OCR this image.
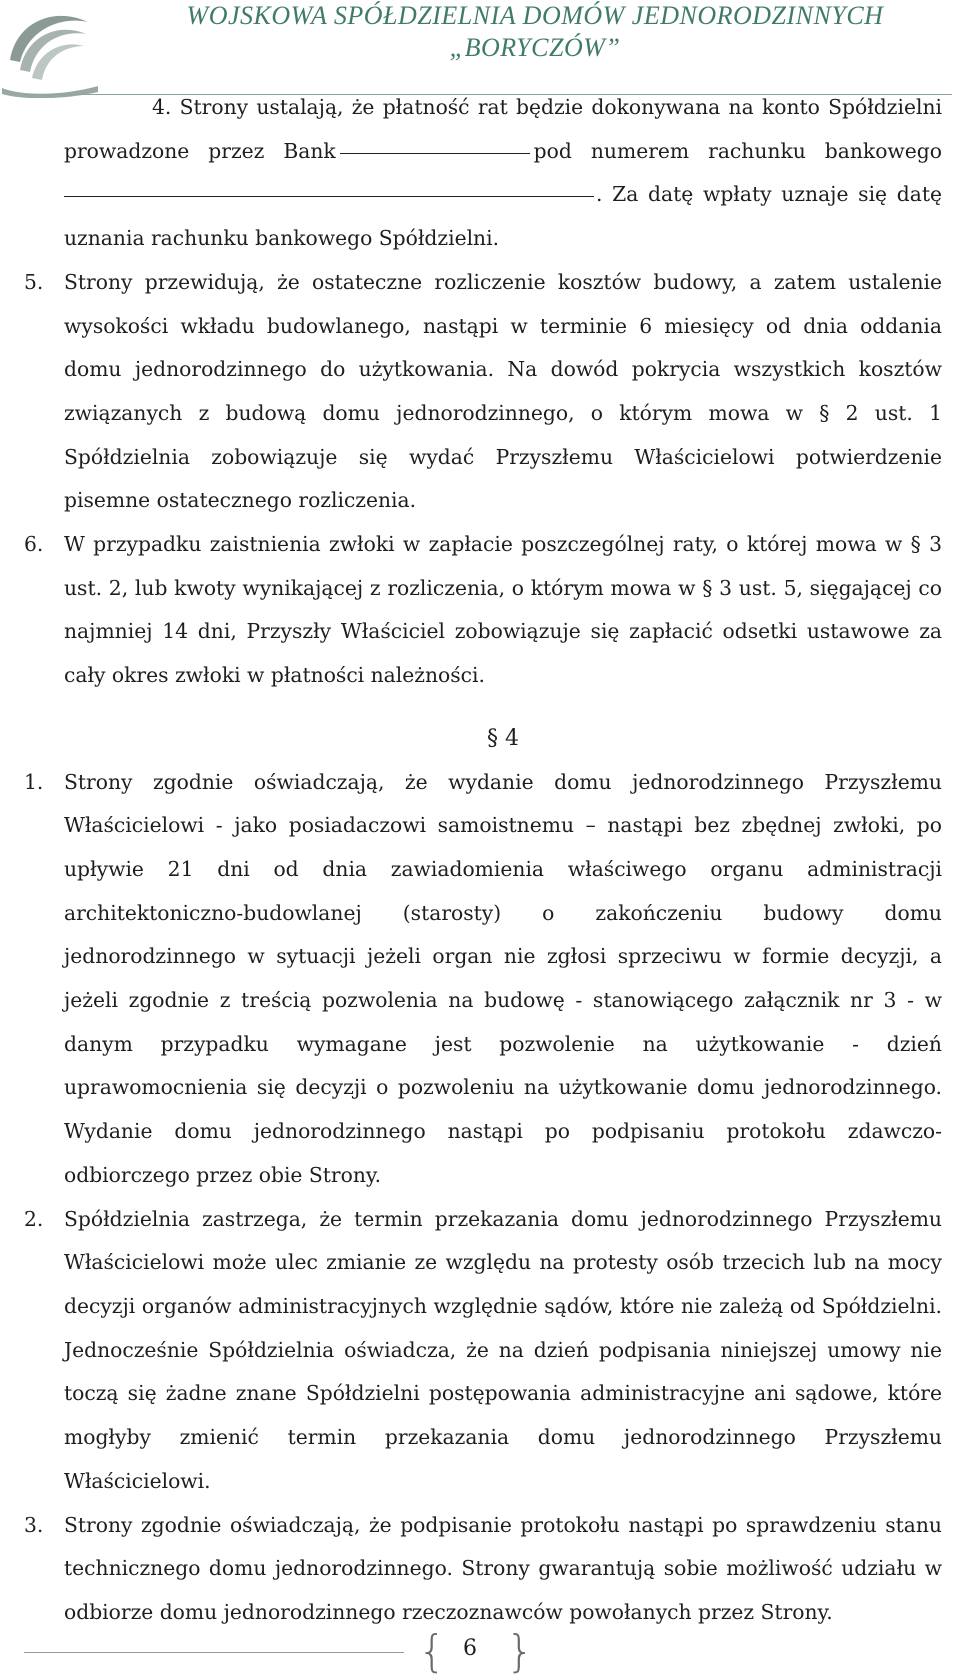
WOJSKOWA SPÓŁDZIELNIA DOMÓW JEDNORODZINNYCH
„BORYCZÓW”

4. Strony ustalają, że płatność rat będzie dokonywana na konto Spółdzielni prowadzone przez Bank	pod numerem rachunku bankowego . Za datę wpłaty uznaje się datę uznania rachunku bankowego Spółdzielni.

5. Strony przewidują, że ostateczne rozliczenie kosztów budowy, a zatem ustalenie wysokości wkładu budowlanego, nastąpi w terminie 6 miesięcy od dnia oddania domu jednorodzinnego do użytkowania. Na dowód pokrycia wszystkich kosztów związanych z budową domu jednorodzinnego, o którym mowa w § 2 ust. 1 Spółdzielnia zobowiązuje się wydać Przyszłemu Właścicielowi potwierdzenie pisemne ostatecznego rozliczenia.
6. W przypadku zaistnienia zwłoki w zapłacie poszczególnej raty, o której mowa w § 3 ust. 2, lub kwoty wynikającej z rozliczenia, o którym mowa w § 3 ust. 5, sięgającej co najmniej 14 dni, Przyszły Właściciel zobowiązuje się zapłacić odsetki ustawowe za cały okres zwłoki w płatności należności.
§ 4
1. Strony zgodnie oświadczają, że wydanie domu jednorodzinnego Przyszłemu Właścicielowi - jako posiadaczowi samoistnemu – nastąpi bez zbędnej zwłoki, po upływie 21 dni od dnia zawiadomienia właściwego organu administracji architektoniczno-budowlanej (starosty) o zakończeniu budowy domu jednorodzinnego w sytuacji jeżeli organ nie zgłosi sprzeciwu w formie decyzji, a jeżeli zgodnie z treścią pozwolenia na budowę - stanowiącego załącznik nr 3 - w danym przypadku wymagane jest pozwolenie na użytkowanie - dzień uprawomocnienia się decyzji o pozwoleniu na użytkowanie domu jednorodzinnego. Wydanie domu jednorodzinnego nastąpi po podpisaniu protokołu zdawczo-odbiorczego przez obie Strony.
2. Spółdzielnia zastrzega, że termin przekazania domu jednorodzinnego Przyszłemu Właścicielowi może ulec zmianie ze względu na protesty osób trzecich lub na mocy decyzji organów administracyjnych względnie sądów, które nie zależą od Spółdzielni. Jednocześnie Spółdzielnia oświadcza, że na dzień podpisania niniejszej umowy nie toczą się żadne znane Spółdzielni postępowania administracyjne ani sądowe, które mogłyby zmienić termin przekazania domu jednorodzinnego Przyszłemu Właścicielowi.
3. Strony zgodnie oświadczają, że podpisanie protokołu nastąpi po sprawdzeniu stanu technicznego domu jednorodzinnego. Strony gwarantują sobie możliwość udziału w odbiorze domu jednorodzinnego rzeczoznawców powołanych przez Strony.
{ 6 }
